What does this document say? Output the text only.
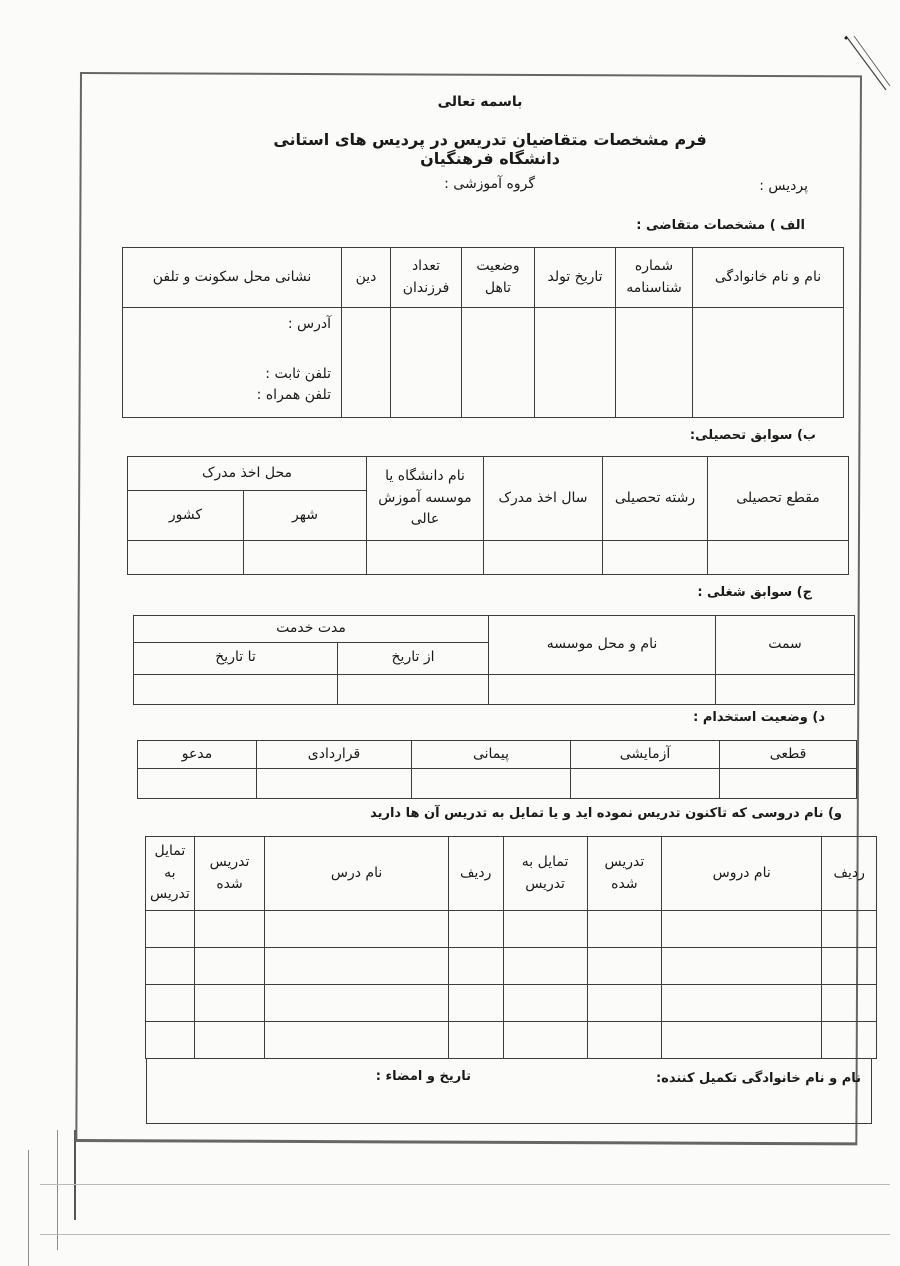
باسمه تعالی
فرم مشخصات متقاضیان تدریس در پردیس های استانی دانشگاه فرهنگیان
پردیس :
گروه آموزشی :
الف ) مشخصات متقاضی :
نام و نام خانوادگی	شماره شناسنامه	تاریخ تولد	وضعیت تاهل	تعداد فرزندان	دین	نشانی محل سکونت و تلفن

						آدرس :
تلفن ثابت :
تلفن همراه :
ب) سوابق تحصیلی:
مقطع تحصیلی	رشته تحصیلی	سال اخذ مدرک	نام دانشگاه یا موسسه آموزش عالی	محل اخذ مدرک	
				شهر	کشور

ج) سوابق شغلی :
سمت	نام و محل موسسه	مدت خدمت	
		از تاریخ	تا تاریخ

د) وضعیت استخدام :
قطعی	آزمایشی	پیمانی	قراردادی	مدعو

و) نام دروسی که تاکنون تدریس نموده اید و یا تمایل به تدریس آن ها دارید
ردیف	نام دروس	تدریس شده	تمایل به تدریس	ردیف	نام درس	تدریس شده	تمایل به تدریس

نام و نام خانوادگی تکمیل کننده:
تاریخ و امضاء :
